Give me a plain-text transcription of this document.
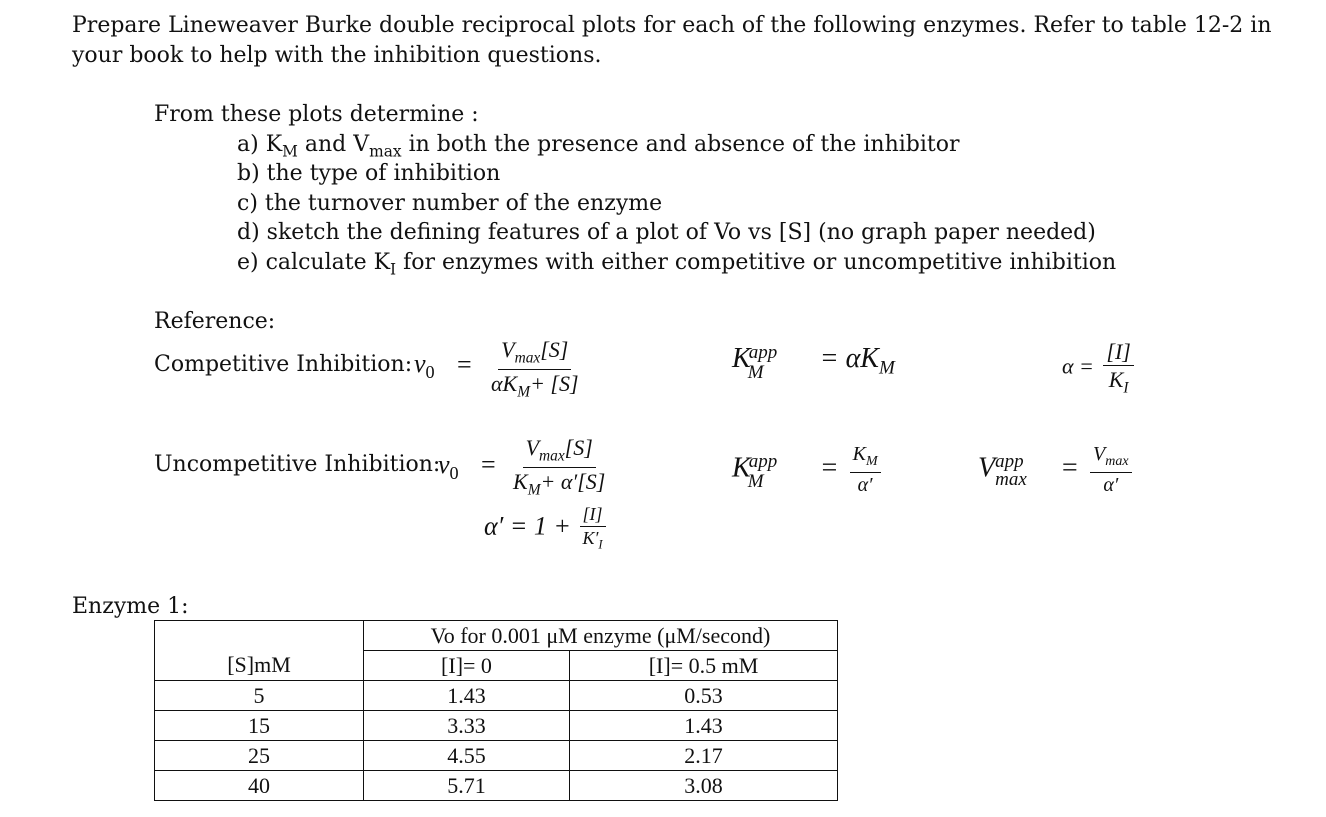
Prepare Lineweaver Burke double reciprocal plots for each of the following enzymes. Refer to table 12-2 in
your book to help with the inhibition questions.
From these plots determine :
a) $K_M$ and $V_{max}$ in both the presence and absence of the inhibitor
b) the type of inhibition
c) the turnover number of the enzyme
d) sketch the defining features of a plot of Vo vs [S] (no graph paper needed)
e) calculate $K_I$ for enzymes with either competitive or uncompetitive inhibition
Reference:
Competitive Inhibition: $v_0 = \frac{V_{max}[S]}{\alpha K_M+ [S]}$	K
app
$M = \alpha K_M$	$\alpha = \frac{[I]}{K_I}$
Uncompetitive Inhibition:
$v_0 = \frac{V_{max}[S]}{K_M+ \alpha'[S]}$
$\alpha' = 1 + \frac{[I]}{K'_I}$
K
app
$M = \frac{K_M}{\alpha'}$	V app
$\max = \frac{V_{max}}{\alpha'}$
Enzyme 1:
	Vo for 0.001 μM enzyme (μM/second)	
[S]mM	[I]= 0	[I]= 0.5 mM
5	1.43	0.53
15	3.33	1.43
25	4.55	2.17
40	5.71	3.08
